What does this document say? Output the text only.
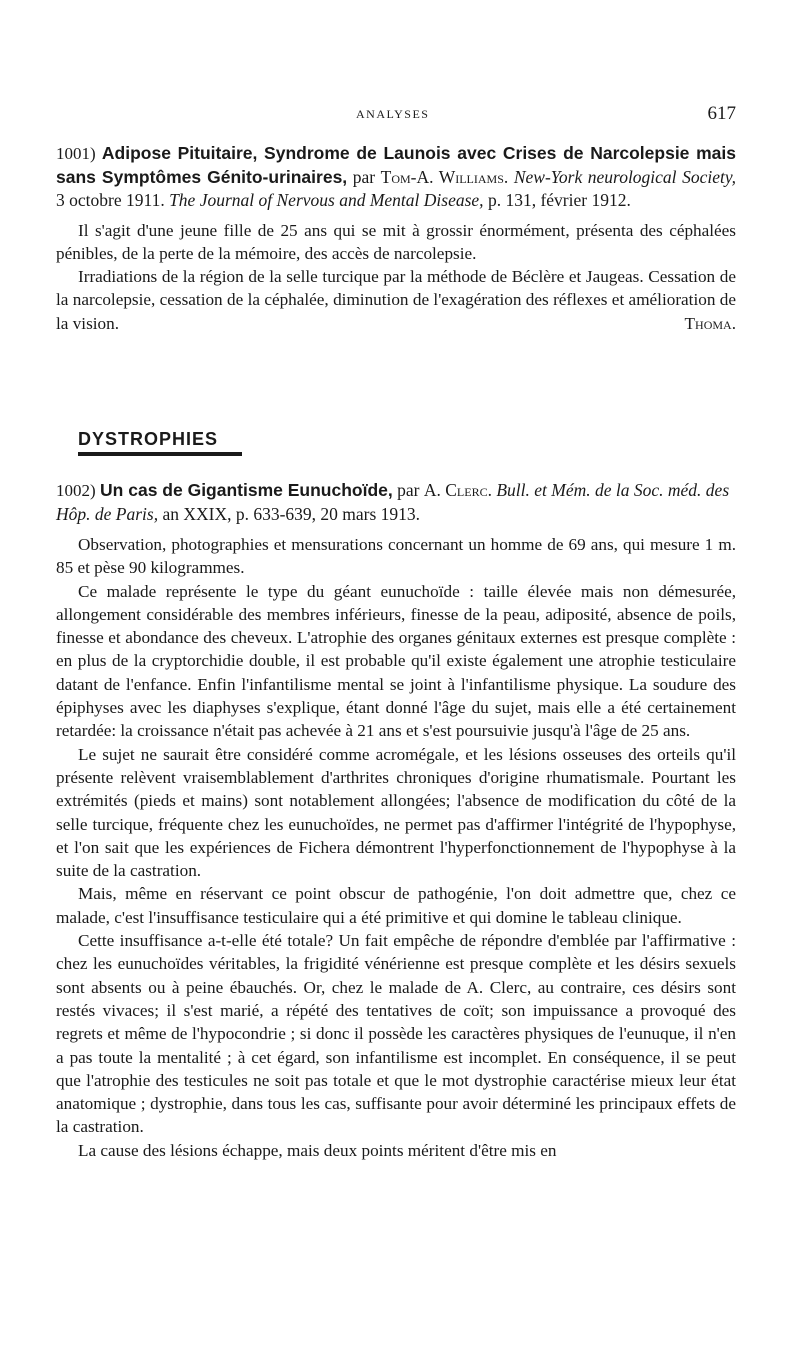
ANALYSES	617
1001) Adipose Pituitaire, Syndrome de Launois avec Crises de Narcolepsie mais sans Symptômes Génito-urinaires, par Tom-A. Williams. New-York neurological Society, 3 octobre 1911. The Journal of Nervous and Mental Disease, p. 131, février 1912.

Il s'agit d'une jeune fille de 25 ans qui se mit à grossir énormément, présenta des céphalées pénibles, de la perte de la mémoire, des accès de narcolepsie.

Irradiations de la région de la selle turcique par la méthode de Béclère et Jaugeas. Cessation de la narcolepsie, cessation de la céphalée, diminution de l'exagération des réflexes et amélioration de la vision.	Thoma.

DYSTROPHIES
1002) Un cas de Gigantisme Eunuchoïde, par A. Clerc. Bull. et Mém. de la Soc. méd. des Hôp. de Paris, an XXIX, p. 633-639, 20 mars 1913.

Observation, photographies et mensurations concernant un homme de 69 ans, qui mesure 1 m. 85 et pèse 90 kilogrammes.

Ce malade représente le type du géant eunuchoïde : taille élevée mais non démesurée, allongement considérable des membres inférieurs, finesse de la peau, adiposité, absence de poils, finesse et abondance des cheveux. L'atrophie des organes génitaux externes est presque complète : en plus de la cryptorchidie double, il est probable qu'il existe également une atrophie testiculaire datant de l'enfance. Enfin l'infantilisme mental se joint à l'infantilisme physique. La soudure des épiphyses avec les diaphyses s'explique, étant donné l'âge du sujet, mais elle a été certainement retardée: la croissance n'était pas achevée à 21 ans et s'est poursuivie jusqu'à l'âge de 25 ans.

Le sujet ne saurait être considéré comme acromégale, et les lésions osseuses des orteils qu'il présente relèvent vraisemblablement d'arthrites chroniques d'origine rhumatismale. Pourtant les extrémités (pieds et mains) sont notablement allongées; l'absence de modification du côté de la selle turcique, fréquente chez les eunuchoïdes, ne permet pas d'affirmer l'intégrité de l'hypophyse, et l'on sait que les expériences de Fichera démontrent l'hyperfonctionnement de l'hypophyse à la suite de la castration.

Mais, même en réservant ce point obscur de pathogénie, l'on doit admettre que, chez ce malade, c'est l'insuffisance testiculaire qui a été primitive et qui domine le tableau clinique.

Cette insuffisance a-t-elle été totale? Un fait empêche de répondre d'emblée par l'affirmative : chez les eunuchoïdes véritables, la frigidité vénérienne est presque complète et les désirs sexuels sont absents ou à peine ébauchés. Or, chez le malade de A. Clerc, au contraire, ces désirs sont restés vivaces; il s'est marié, a répété des tentatives de coït; son impuissance a provoqué des regrets et même de l'hypocondrie ; si donc il possède les caractères physiques de l'eunuque, il n'en a pas toute la mentalité ; à cet égard, son infantilisme est incomplet. En conséquence, il se peut que l'atrophie des testicules ne soit pas totale et que le mot dystrophie caractérise mieux leur état anatomique ; dystrophie, dans tous les cas, suffisante pour avoir déterminé les principaux effets de la castration.

La cause des lésions échappe, mais deux points méritent d'être mis en
